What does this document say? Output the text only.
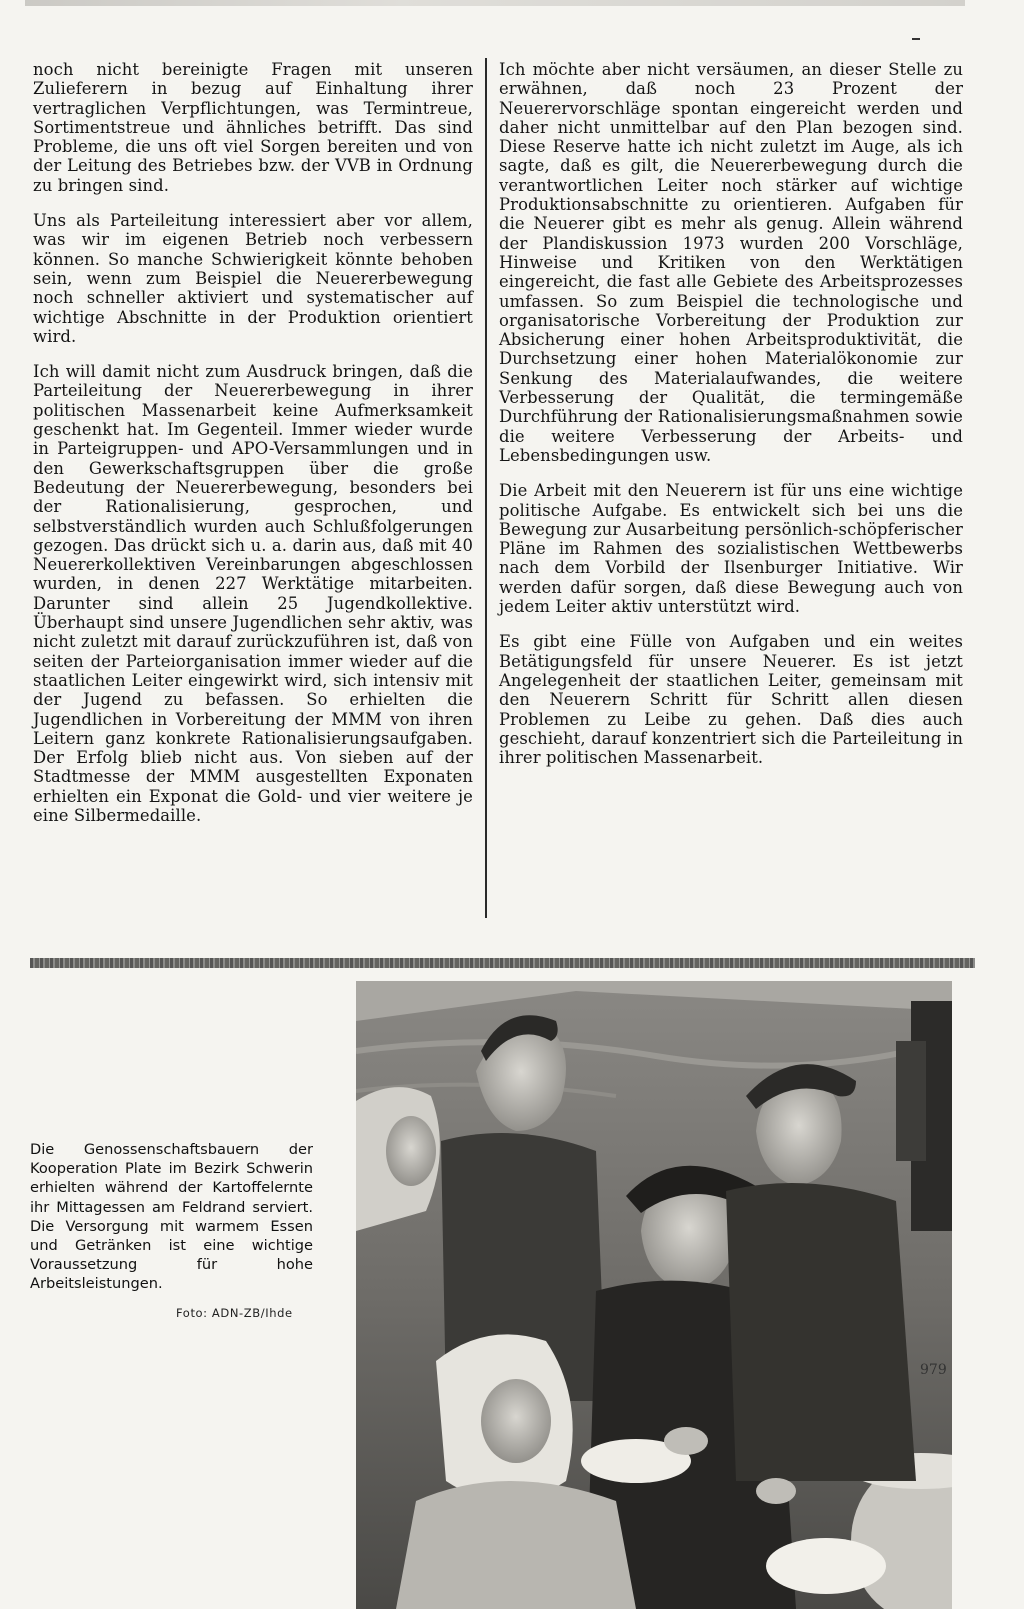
noch nicht bereinigte Fragen mit unseren Zulieferern in bezug auf Einhaltung ihrer vertraglichen Verpflichtungen, was Termintreue, Sortimentstreue und ähnliches betrifft. Das sind Probleme, die uns oft viel Sorgen bereiten und von der Leitung des Betriebes bzw. der VVB in Ordnung zu bringen sind.

Uns als Parteileitung interessiert aber vor allem, was wir im eigenen Betrieb noch verbessern können. So manche Schwierigkeit könnte behoben sein, wenn zum Beispiel die Neuererbewegung noch schneller aktiviert und systematischer auf wichtige Abschnitte in der Produktion orientiert wird.

Ich will damit nicht zum Ausdruck bringen, daß die Parteileitung der Neuererbewegung in ihrer politischen Massenarbeit keine Aufmerksamkeit geschenkt hat. Im Gegenteil. Immer wieder wurde in Parteigruppen- und APO-Versammlungen und in den Gewerkschaftsgruppen über die große Bedeutung der Neuererbewegung, besonders bei der Rationalisierung, gesprochen, und selbstverständlich wurden auch Schlußfolgerungen gezogen. Das drückt sich u. a. darin aus, daß mit 40 Neuererkollektiven Vereinbarungen abgeschlossen wurden, in denen 227 Werktätige mitarbeiten. Darunter sind allein 25 Jugendkollektive. Überhaupt sind unsere Jugendlichen sehr aktiv, was nicht zuletzt mit darauf zurückzuführen ist, daß von seiten der Parteiorganisation immer wieder auf die staatlichen Leiter eingewirkt wird, sich intensiv mit der Jugend zu befassen. So erhielten die Jugendlichen in Vorbereitung der MMM von ihren Leitern ganz konkrete Rationalisierungsaufgaben. Der Erfolg blieb nicht aus. Von sieben auf der Stadtmesse der MMM ausgestellten Exponaten erhielten ein Exponat die Gold- und vier weitere je eine Silbermedaille.

Ich möchte aber nicht versäumen, an dieser Stelle zu erwähnen, daß noch 23 Prozent der Neuerervorschläge spontan eingereicht werden und daher nicht unmittelbar auf den Plan bezogen sind. Diese Reserve hatte ich nicht zuletzt im Auge, als ich sagte, daß es gilt, die Neuererbewegung durch die verantwortlichen Leiter noch stärker auf wichtige Produktionsabschnitte zu orientieren. Aufgaben für die Neuerer gibt es mehr als genug. Allein während der Plandiskussion 1973 wurden 200 Vorschläge, Hinweise und Kritiken von den Werktätigen eingereicht, die fast alle Gebiete des Arbeitsprozesses umfassen. So zum Beispiel die technologische und organisatorische Vorbereitung der Produktion zur Absicherung einer hohen Arbeitsproduktivität, die Durchsetzung einer hohen Materialökonomie zur Senkung des Materialaufwandes, die weitere Verbesserung der Qualität, die termingemäße Durchführung der Rationalisierungsmaßnahmen sowie die weitere Verbesserung der Arbeits- und Lebensbedingungen usw.

Die Arbeit mit den Neuerern ist für uns eine wichtige politische Aufgabe. Es entwickelt sich bei uns die Bewegung zur Ausarbeitung persönlich-schöpferischer Pläne im Rahmen des sozialistischen Wettbewerbs nach dem Vorbild der Ilsenburger Initiative. Wir werden dafür sorgen, daß diese Bewegung auch von jedem Leiter aktiv unterstützt wird.

Es gibt eine Fülle von Aufgaben und ein weites Betätigungsfeld für unsere Neuerer. Es ist jetzt Angelegenheit der staatlichen Leiter, gemeinsam mit den Neuerern Schritt für Schritt allen diesen Problemen zu Leibe zu gehen. Daß dies auch geschieht, darauf konzentriert sich die Parteileitung in ihrer politischen Massenarbeit.

Die Genossenschaftsbauern der Kooperation Plate im Bezirk Schwerin erhielten während der Kartoffelernte ihr Mittagessen am Feldrand serviert. Die Versorgung mit warmem Essen und Getränken ist eine wichtige Voraussetzung für hohe Arbeitsleistungen.
Foto: ADN-ZB/Ihde
979
